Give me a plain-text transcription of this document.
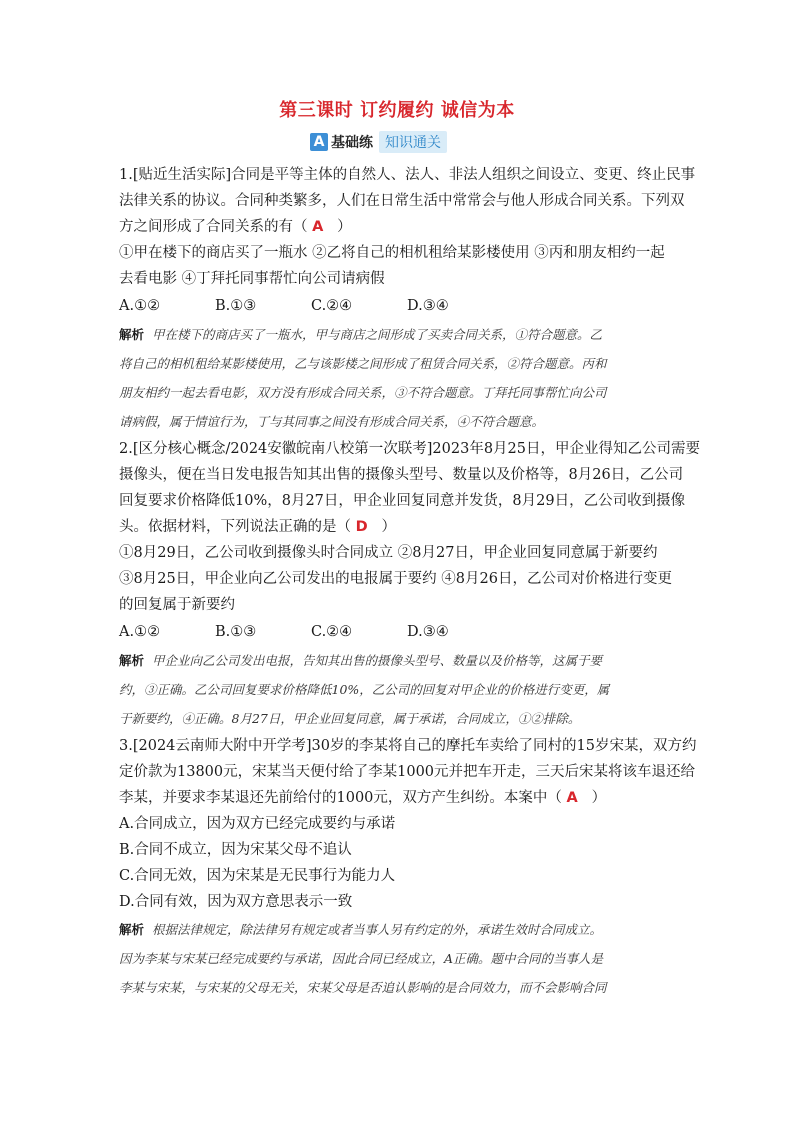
第三课时 订约履约 诚信为本
A 基础练 知识通关
1.[贴近生活实际]合同是平等主体的自然人、法人、非法人组织之间设立、变更、终止民事
法律关系的协议。合同种类繁多，人们在日常生活中常常会与他人形成合同关系。下列双
方之间形成了合同关系的有（ A ）
①甲在楼下的商店买了一瓶水 ②乙将自己的相机租给某影楼使用 ③丙和朋友相约一起
去看电影 ④丁拜托同事帮忙向公司请病假
A.①②	B.①③	C.②④	D.③④
解析 甲在楼下的商店买了一瓶水，甲与商店之间形成了买卖合同关系，①符合题意。乙
将自己的相机租给某影楼使用，乙与该影楼之间形成了租赁合同关系，②符合题意。丙和
朋友相约一起去看电影，双方没有形成合同关系，③不符合题意。丁拜托同事帮忙向公司
请病假，属于情谊行为，丁与其同事之间没有形成合同关系，④不符合题意。
2.[区分核心概念/2024安徽皖南八校第一次联考]2023年8月25日，甲企业得知乙公司需要
摄像头，便在当日发电报告知其出售的摄像头型号、数量以及价格等，8月26日，乙公司
回复要求价格降低10%，8月27日，甲企业回复同意并发货，8月29日，乙公司收到摄像
头。依据材料，下列说法正确的是（ D ）
①8月29日，乙公司收到摄像头时合同成立 ②8月27日，甲企业回复同意属于新要约
③8月25日，甲企业向乙公司发出的电报属于要约 ④8月26日，乙公司对价格进行变更
的回复属于新要约
A.①②	B.①③	C.②④	D.③④
解析 甲企业向乙公司发出电报，告知其出售的摄像头型号、数量以及价格等，这属于要
约，③正确。乙公司回复要求价格降低10%，乙公司的回复对甲企业的价格进行变更，属
于新要约，④正确。8月27日，甲企业回复同意，属于承诺，合同成立，①②排除。
3.[2024云南师大附中开学考]30岁的李某将自己的摩托车卖给了同村的15岁宋某，双方约
定价款为13800元，宋某当天便付给了李某1000元并把车开走，三天后宋某将该车退还给
李某，并要求李某退还先前给付的1000元，双方产生纠纷。本案中（ A ）
A.合同成立，因为双方已经完成要约与承诺
B.合同不成立，因为宋某父母不追认
C.合同无效，因为宋某是无民事行为能力人
D.合同有效，因为双方意思表示一致
解析 根据法律规定，除法律另有规定或者当事人另有约定的外，承诺生效时合同成立。
因为李某与宋某已经完成要约与承诺，因此合同已经成立，A正确。题中合同的当事人是
李某与宋某，与宋某的父母无关，宋某父母是否追认影响的是合同效力，而不会影响合同
